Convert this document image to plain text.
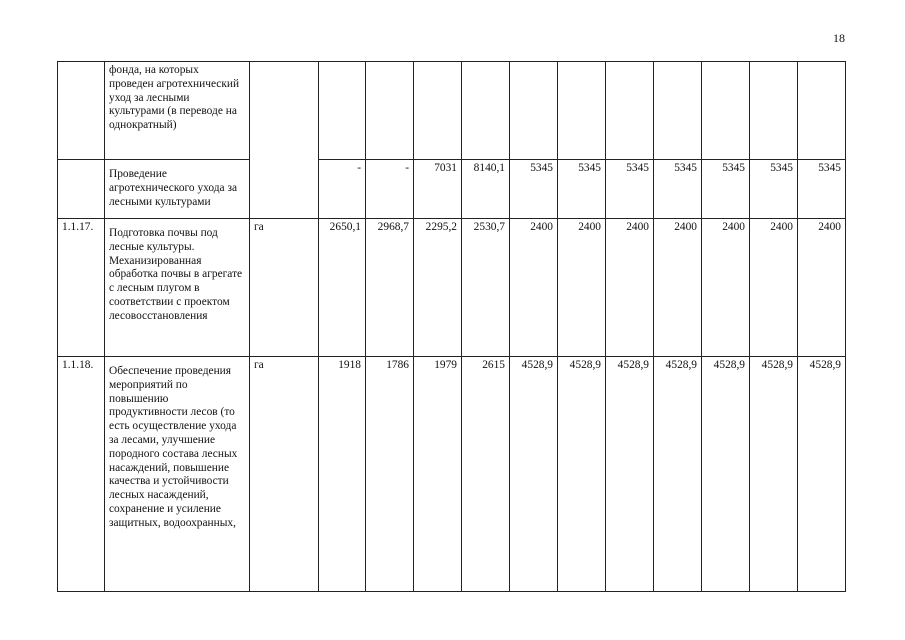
18
	фонда, на которых проведен агротехнический уход за лесными культурами (в переводе на однократный)												
	Проведение агротехнического ухода за лесными культурами		-	-	7031	8140,1	5345	5345	5345	5345	5345	5345	5345
1.1.17.	Подготовка почвы под лесные культуры. Механизированная обработка почвы в агрегате с лесным плугом в соответствии с проектом лесовосстановления	га	2650,1	2968,7	2295,2	2530,7	2400	2400	2400	2400	2400	2400	2400
1.1.18.	Обеспечение проведения мероприятий по повышению продуктивности лесов (то есть осуществление ухода за лесами, улучшение породного состава лесных насаждений, повышение качества и устойчивости лесных насаждений, сохранение и усиление защитных, водоохранных,	га	1918	1786	1979	2615	4528,9	4528,9	4528,9	4528,9	4528,9	4528,9	4528,9
